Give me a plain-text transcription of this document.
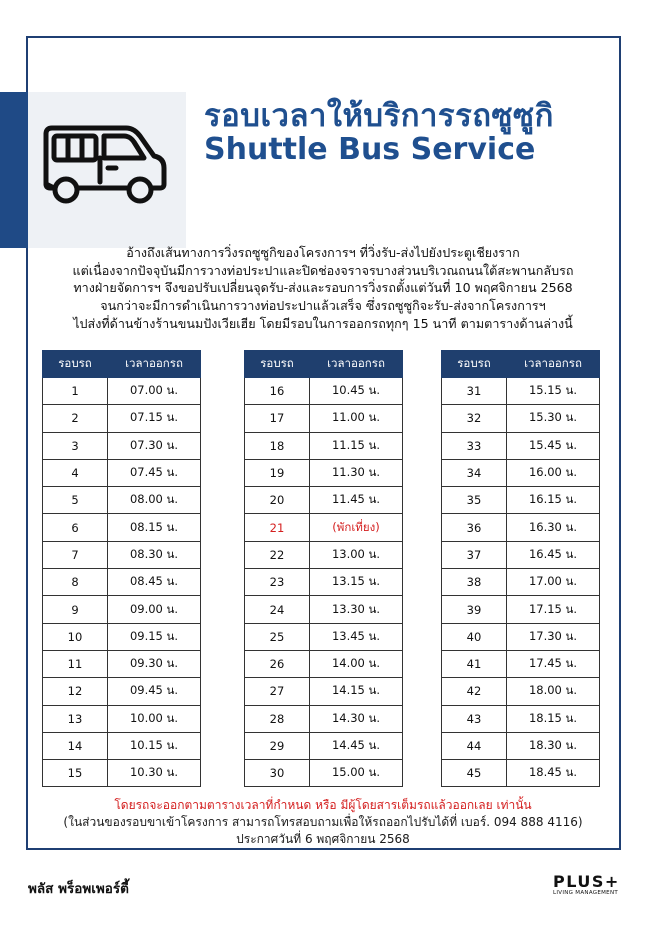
รอบเวลาให้บริการรถซูซูกิ
Shuttle Bus Service
อ้างถึงเส้นทางการวิ่งรถซูซูกิของโครงการฯ ที่วิ่งรับ-ส่งไปยังประตูเชียงราก
แต่เนื่องจากปัจจุบันมีการวางท่อประปาและปิดช่องจราจรบางส่วนบริเวณถนนใต้สะพานกลับรถ
ทางฝ่ายจัดการฯ จึงขอปรับเปลี่ยนจุดรับ-ส่งและรอบการวิ่งรถตั้งแต่วันที่ 10 พฤศจิกายน 2568
จนกว่าจะมีการดำเนินการวางท่อประปาแล้วเสร็จ ซึ่งรถซูซูกิจะรับ-ส่งจากโครงการฯ
ไปส่งที่ด้านข้างร้านขนมปังเวียเฮีย โดยมีรอบในการออกรถทุกๆ 15 นาที ตามตารางด้านล่างนี้
รอบรถ	เวลาออกรถ
1	07.00 น.
2	07.15 น.
3	07.30 น.
4	07.45 น.
5	08.00 น.
6	08.15 น.
7	08.30 น.
8	08.45 น.
9	09.00 น.
10	09.15 น.
11	09.30 น.
12	09.45 น.
13	10.00 น.
14	10.15 น.
15	10.30 น.
รอบรถ	เวลาออกรถ
16	10.45 น.
17	11.00 น.
18	11.15 น.
19	11.30 น.
20	11.45 น.
21	(พักเที่ยง)
22	13.00 น.
23	13.15 น.
24	13.30 น.
25	13.45 น.
26	14.00 น.
27	14.15 น.
28	14.30 น.
29	14.45 น.
30	15.00 น.
รอบรถ	เวลาออกรถ
31	15.15 น.
32	15.30 น.
33	15.45 น.
34	16.00 น.
35	16.15 น.
36	16.30 น.
37	16.45 น.
38	17.00 น.
39	17.15 น.
40	17.30 น.
41	17.45 น.
42	18.00 น.
43	18.15 น.
44	18.30 น.
45	18.45 น.
โดยรถจะออกตามตารางเวลาที่กำหนด หรือ มีผู้โดยสารเต็มรถแล้วออกเลย เท่านั้น
(ในส่วนของรอบขาเข้าโครงการ สามารถโทรสอบถามเพื่อให้รถออกไปรับได้ที่ เบอร์. 094 888 4116)
ประกาศวันที่ 6 พฤศจิกายน 2568
พลัส พร็อพเพอร์ตี้	PLUS+
LIVING MANAGEMENT
